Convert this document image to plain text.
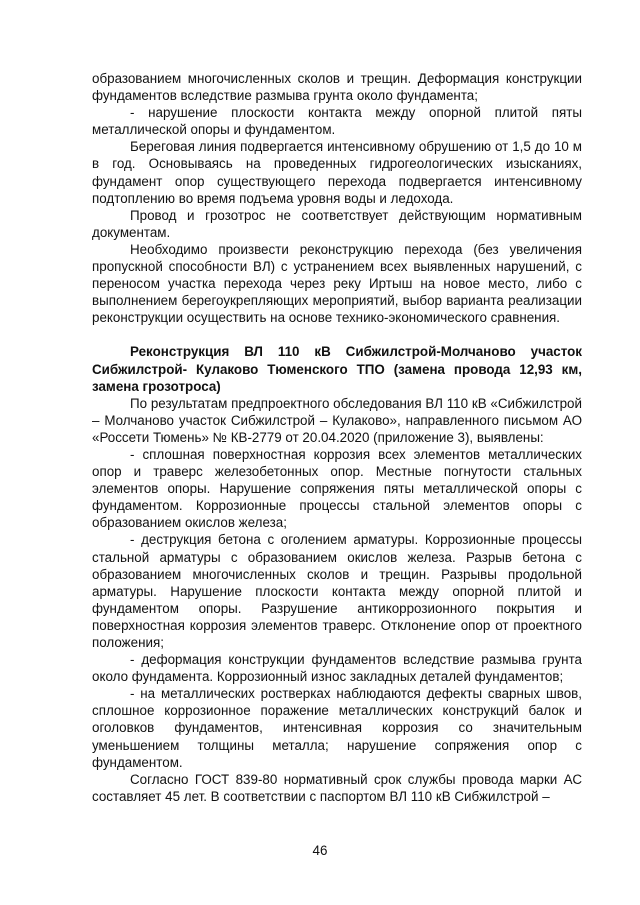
образованием многочисленных сколов и трещин. Деформация конструкции фундаментов вследствие размыва грунта около фундамента;

- нарушение плоскости контакта между опорной плитой пяты металлической опоры и фундаментом.

Береговая линия подвергается интенсивному обрушению от 1,5 до 10 м в год. Основываясь на проведенных гидрогеологических изысканиях, фундамент опор существующего перехода подвергается интенсивному подтоплению во время подъема уровня воды и ледохода.

Провод и грозотрос не соответствует действующим нормативным документам.

Необходимо произвести реконструкцию перехода (без увеличения пропускной способности ВЛ) с устранением всех выявленных нарушений, с переносом участка перехода через реку Иртыш на новое место, либо с выполнением берегоукрепляющих мероприятий, выбор варианта реализации реконструкции осуществить на основе технико-экономического сравнения.

Реконструкция ВЛ 110 кВ Сибжилстрой-Молчаново участок Сибжилстрой- Кулаково Тюменского ТПО (замена провода 12,93 км, замена грозотроса)

По результатам предпроектного обследования ВЛ 110 кВ «Сибжилстрой – Молчаново участок Сибжилстрой – Кулаково», направленного письмом АО «Россети Тюмень» № КВ-2779 от 20.04.2020 (приложение 3), выявлены:

- сплошная поверхностная коррозия всех элементов металлических опор и траверс железобетонных опор. Местные погнутости стальных элементов опоры. Нарушение сопряжения пяты металлической опоры с фундаментом. Коррозионные процессы стальной элементов опоры с образованием окислов железа;

- деструкция бетона с оголением арматуры. Коррозионные процессы стальной арматуры с образованием окислов железа. Разрыв бетона с образованием многочисленных сколов и трещин. Разрывы продольной арматуры. Нарушение плоскости контакта между опорной плитой и фундаментом опоры. Разрушение антикоррозионного покрытия и поверхностная коррозия элементов траверс. Отклонение опор от проектного положения;

- деформация конструкции фундаментов вследствие размыва грунта около фундамента. Коррозионный износ закладных деталей фундаментов;

- на металлических ростверках наблюдаются дефекты сварных швов, сплошное коррозионное поражение металлических конструкций балок и оголовков фундаментов, интенсивная коррозия со значительным уменьшением толщины металла; нарушение сопряжения опор с фундаментом.

Согласно ГОСТ 839-80 нормативный срок службы провода марки АС составляет 45 лет. В соответствии с паспортом ВЛ 110 кВ Сибжилстрой –

46
